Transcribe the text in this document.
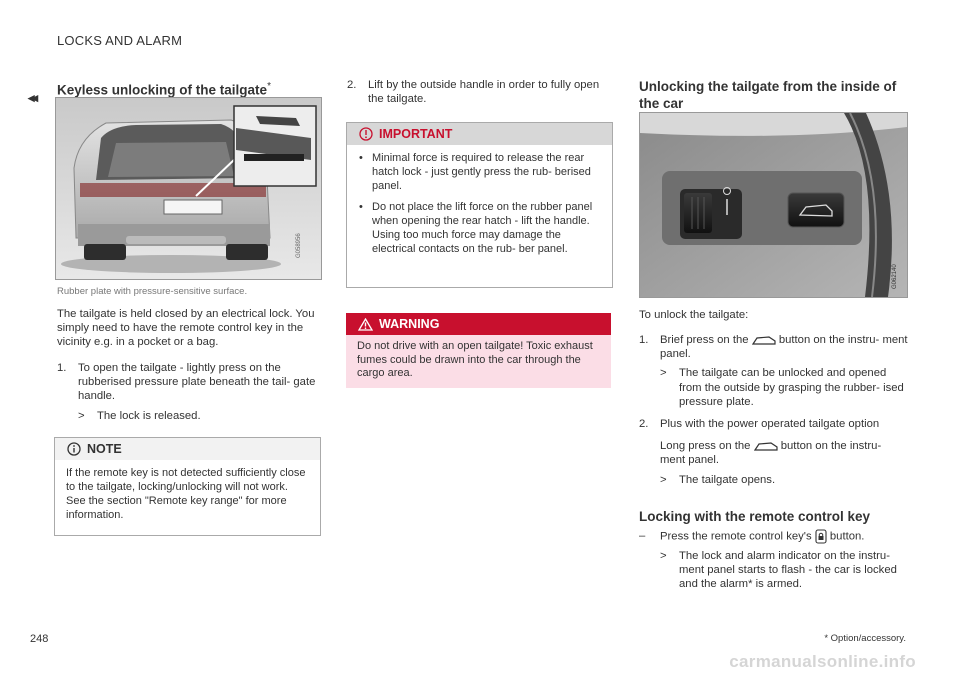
LOCKS AND ALARM
◂◂ Keyless unlocking of the tailgate*
G058956
Rubber plate with pressure-sensitive surface.
The tailgate is held closed by an electrical lock. You simply need to have the remote control key in the vicinity e.g. in a pocket or a bag.
1. To open the tailgate - lightly press on the rubberised pressure plate beneath the tail- gate handle.
> The lock is released.
NOTE
If the remote key is not detected sufficiently close to the tailgate, locking/unlocking will not work. See the section "Remote key range" for more information.
2. Lift by the outside handle in order to fully open the tailgate.
IMPORTANT
• Minimal force is required to release the rear hatch lock - just gently press the rub- berised panel.
• Do not place the lift force on the rubber panel when opening the rear hatch - lift the handle. Using too much force may damage the electrical contacts on the rub- ber panel.
WARNING
Do not drive with an open tailgate! Toxic exhaust fumes could be drawn into the car through the cargo area.
Unlocking the tailgate from the inside of the car
G062140
To unlock the tailgate:
1. Brief press on the	button on the instru- ment panel.
> The tailgate can be unlocked and opened from the outside by grasping the rubber- ised pressure plate.
2. Plus with the power operated tailgate option
Long press on the	button on the instru- ment panel.
> The tailgate opens.
Locking with the remote control key
– Press the remote control key's button.
> The lock and alarm indicator on the instru- ment panel starts to flash - the car is locked and the alarm* is armed.
248	* Option/accessory.
carmanualsonline.info
